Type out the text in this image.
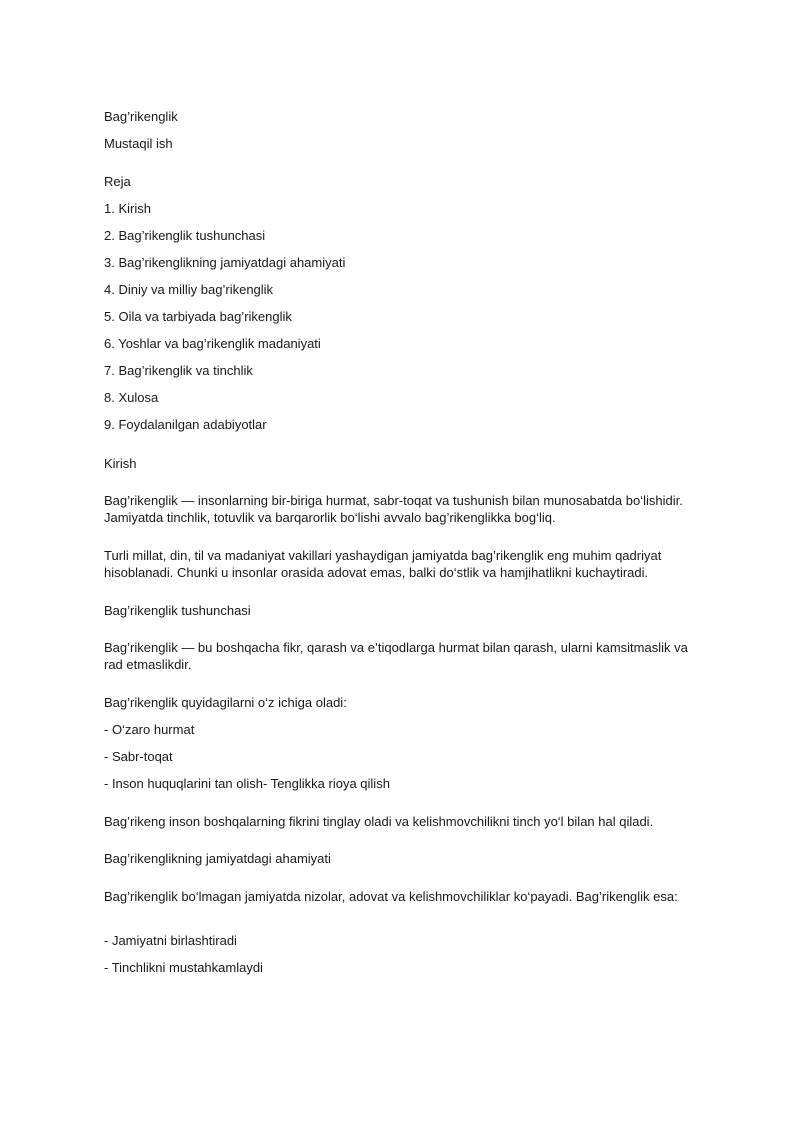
Bag’rikenglik
Mustaqil ish
Reja
1. Kirish
2. Bag’rikenglik tushunchasi
3. Bag’rikenglikning jamiyatdagi ahamiyati
4. Diniy va milliy bag’rikenglik
5. Oila va tarbiyada bag’rikenglik
6. Yoshlar va bag’rikenglik madaniyati
7. Bag’rikenglik va tinchlik
8. Xulosa
9. Foydalanilgan adabiyotlar
Kirish
Bag’rikenglik — insonlarning bir-biriga hurmat, sabr-toqat va tushunish bilan munosabatda bo‘lishidir. Jamiyatda tinchlik, totuvlik va barqarorlik bo‘lishi avvalo bag’rikenglikka bog‘liq.
Turli millat, din, til va madaniyat vakillari yashaydigan jamiyatda bag’rikenglik eng muhim qadriyat hisoblanadi. Chunki u insonlar orasida adovat emas, balki do‘stlik va hamjihatlikni kuchaytiradi.
Bag’rikenglik tushunchasi
Bag’rikenglik — bu boshqacha fikr, qarash va e’tiqodlarga hurmat bilan qarash, ularni kamsitmaslik va rad etmaslikdir.
Bag’rikenglik quyidagilarni o‘z ichiga oladi:
- O‘zaro hurmat
- Sabr-toqat
- Inson huquqlarini tan olish- Tenglikka rioya qilish
Bag’rikeng inson boshqalarning fikrini tinglay oladi va kelishmovchilikni tinch yo‘l bilan hal qiladi.
Bag’rikenglikning jamiyatdagi ahamiyati
Bag’rikenglik bo‘lmagan jamiyatda nizolar, adovat va kelishmovchiliklar ko‘payadi. Bag’rikenglik esa:
- Jamiyatni birlashtiradi
- Tinchlikni mustahkamlaydi
